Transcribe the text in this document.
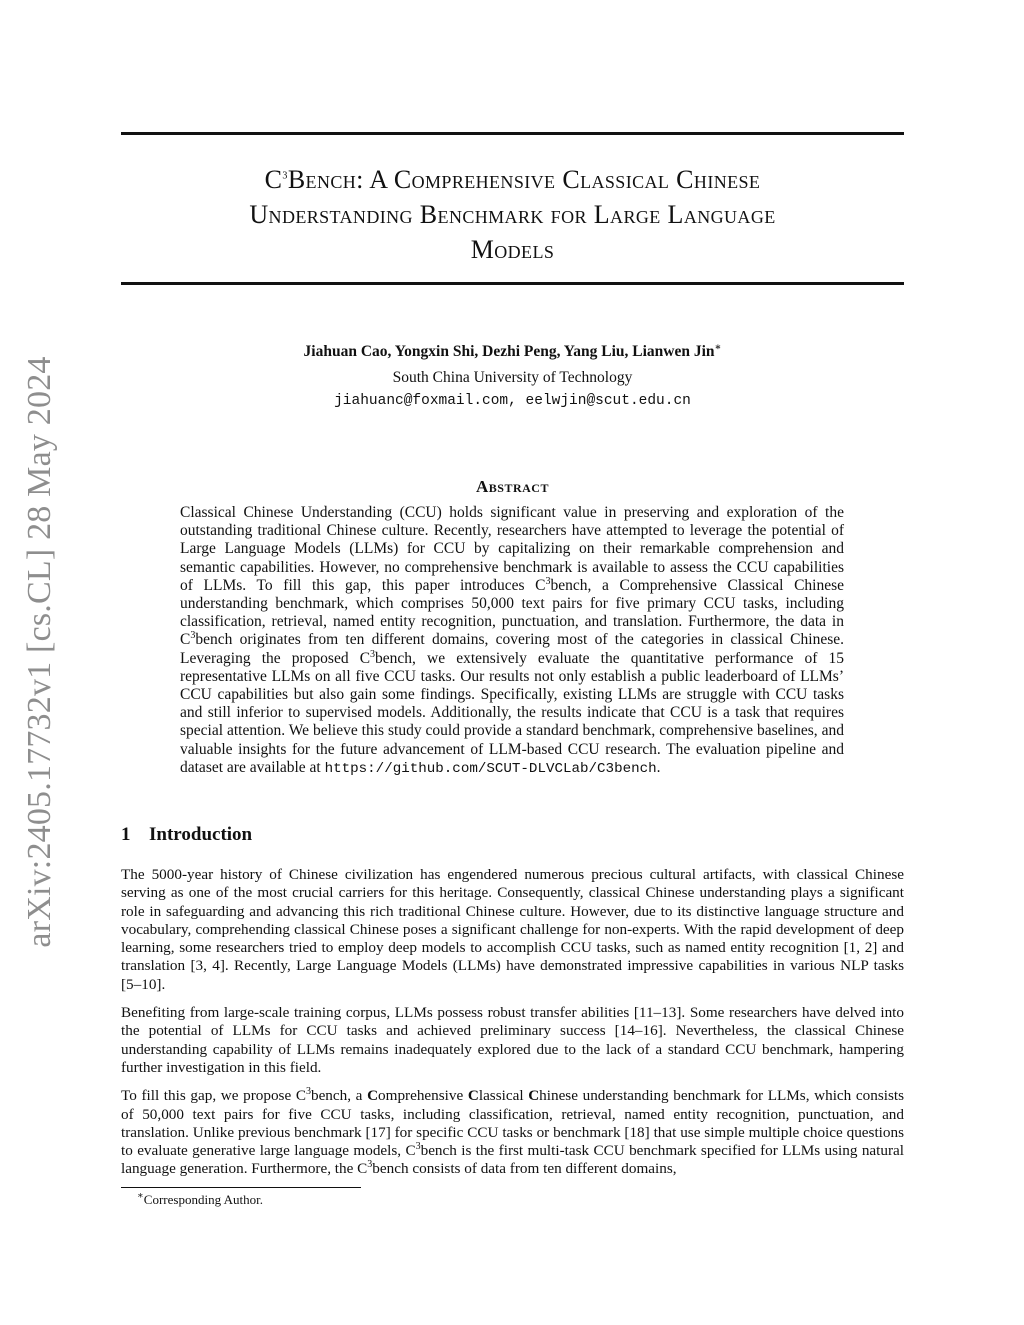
arXiv:2405.17732v1 [cs.CL] 28 May 2024
$C^3Bench$: A Comprehensive Classical Chinese
Understanding Benchmark for Large Language
Models
Jiahuan Cao, Yongxin Shi, Dezhi Peng, Yang Liu, Lianwen Jin∗
South China University of Technology
jiahuanc@foxmail.com, eelwjin@scut.edu.cn
Abstract
Classical Chinese Understanding (CCU) holds significant value in preserving and exploration of the outstanding traditional Chinese culture. Recently, researchers have attempted to leverage the potential of Large Language Models (LLMs) for CCU by capitalizing on their remarkable comprehension and semantic capabilities. However, no comprehensive benchmark is available to assess the CCU capabilities of LLMs. To fill this gap, this paper introduces $C^3bench$, a Comprehensive Classical Chinese understanding benchmark, which comprises 50,000 text pairs for five primary CCU tasks, including classification, retrieval, named entity recognition, punctuation, and translation. Furthermore, the data in $C^3bench$ originates from ten different domains, covering most of the categories in classical Chinese. Leveraging the proposed $C^3bench$, we extensively evaluate the quantitative performance of 15 representative LLMs on all five CCU tasks. Our results not only establish a public leaderboard of LLMs’ CCU capabilities but also gain some findings. Specifically, existing LLMs are struggle with CCU tasks and still inferior to supervised models. Additionally, the results indicate that CCU is a task that requires special attention. We believe this study could provide a standard benchmark, comprehensive baselines, and valuable insights for the future advancement of LLM-based CCU research. The evaluation pipeline and dataset are available at https://github.com/SCUT-DLVCLab/C3bench.
1 Introduction

The 5000-year history of Chinese civilization has engendered numerous precious cultural artifacts, with classical Chinese serving as one of the most crucial carriers for this heritage. Consequently, classical Chinese understanding plays a significant role in safeguarding and advancing this rich traditional Chinese culture. However, due to its distinctive language structure and vocabulary, comprehending classical Chinese poses a significant challenge for non-experts. With the rapid development of deep learning, some researchers tried to employ deep models to accomplish CCU tasks, such as named entity recognition [1, 2] and translation [3, 4]. Recently, Large Language Models (LLMs) have demonstrated impressive capabilities in various NLP tasks [5–10].

Benefiting from large-scale training corpus, LLMs possess robust transfer abilities [11–13]. Some researchers have delved into the potential of LLMs for CCU tasks and achieved preliminary success [14–16]. Nevertheless, the classical Chinese understanding capability of LLMs remains inadequately explored due to the lack of a standard CCU benchmark, hampering further investigation in this field.

To fill this gap, we propose $C^3bench$, a Comprehensive Classical Chinese understanding benchmark for LLMs, which consists of 50,000 text pairs for five CCU tasks, including classification, retrieval, named entity recognition, punctuation, and translation. Unlike previous benchmark [17] for specific CCU tasks or benchmark [18] that use simple multiple choice questions to evaluate generative large language models, $C^3bench$ is the first multi-task CCU benchmark specified for LLMs using natural language generation. Furthermore, the $C^3bench$ consists of data from ten different domains,

∗Corresponding Author.
